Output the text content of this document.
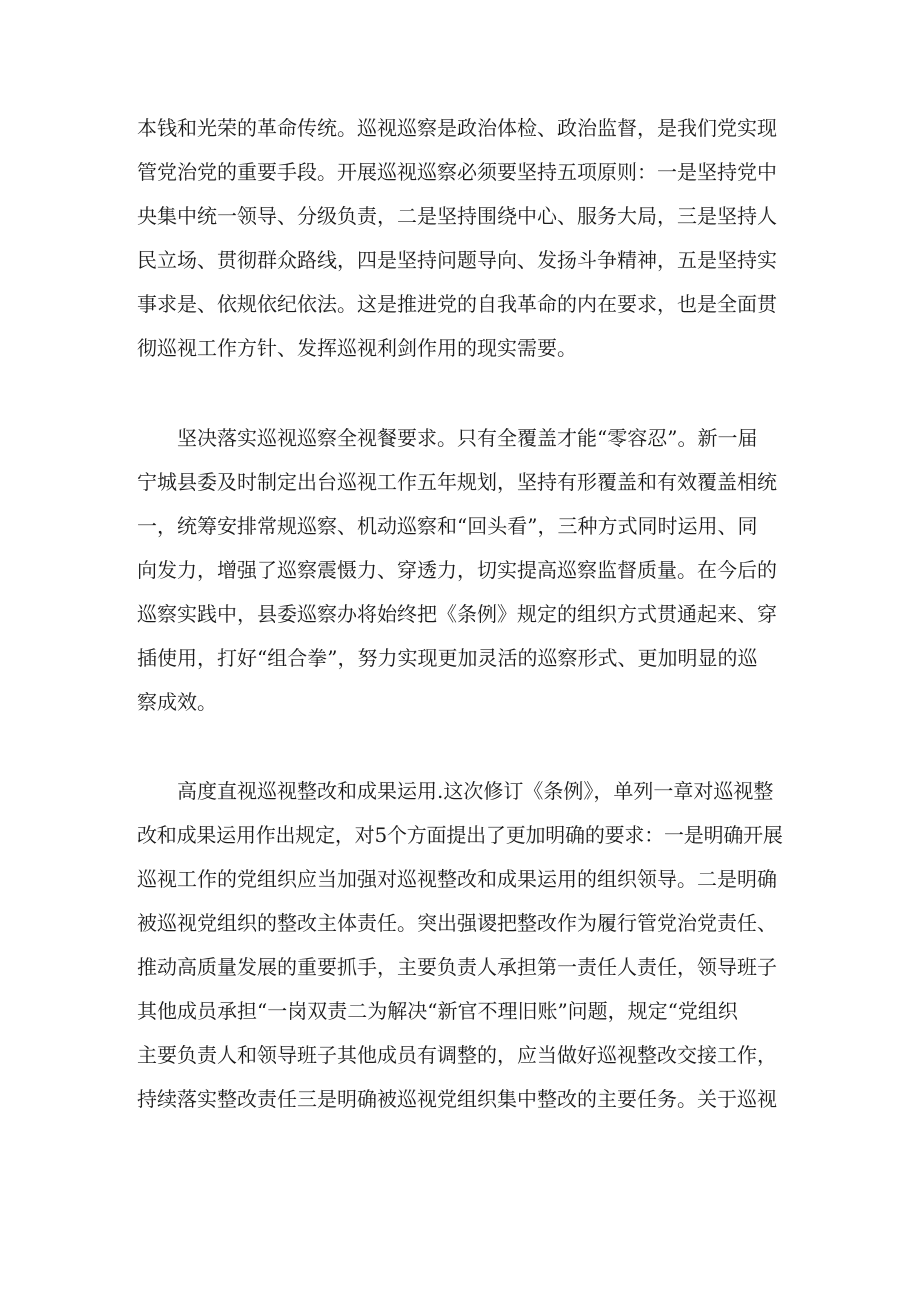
本钱和光荣的革命传统。巡视巡察是政治体检、政治监督，是我们党实现
管党治党的重要手段。开展巡视巡察必须要坚持五项原则：一是坚持党中
央集中统一领导、分级负责，二是坚持围绕中心、服务大局，三是坚持人
民立场、贯彻群众路线，四是坚持问题导向、发扬斗争精神，五是坚持实
事求是、依规依纪依法。这是推进党的自我革命的内在要求，也是全面贯
彻巡视工作方针、发挥巡视利剑作用的现实需要。
坚决落实巡视巡察全视餐要求。只有全覆盖才能“零容忍”。新一届
宁城县委及时制定出台巡视工作五年规划，坚持有形覆盖和有效覆盖相统
一，统筹安排常规巡察、机动巡察和“回头看”，三种方式同时运用、同
向发力，增强了巡察震慑力、穿透力，切实提高巡察监督质量。在今后的
巡察实践中，县委巡察办将始终把《条例》规定的组织方式贯通起来、穿
插使用，打好“组合拳”，努力实现更加灵活的巡察形式、更加明显的巡
察成效。
高度直视巡视整改和成果运用.这次修订《条例》，单列一章对巡视整
改和成果运用作出规定，对5个方面提出了更加明确的要求：一是明确开展
巡视工作的党组织应当加强对巡视整改和成果运用的组织领导。二是明确
被巡视党组织的整改主体责任。突出强谡把整改作为履行管党治党责任、
推动高质量发展的重要抓手，主要负责人承担第一责任人责任，领导班子
其他成员承担“一岗双责二为解决“新官不理旧账”问题，规定“党组织
主要负责人和领导班子其他成员有调整的，应当做好巡视整改交接工作，
持续落实整改责任三是明确被巡视党组织集中整改的主要任务。关于巡视
